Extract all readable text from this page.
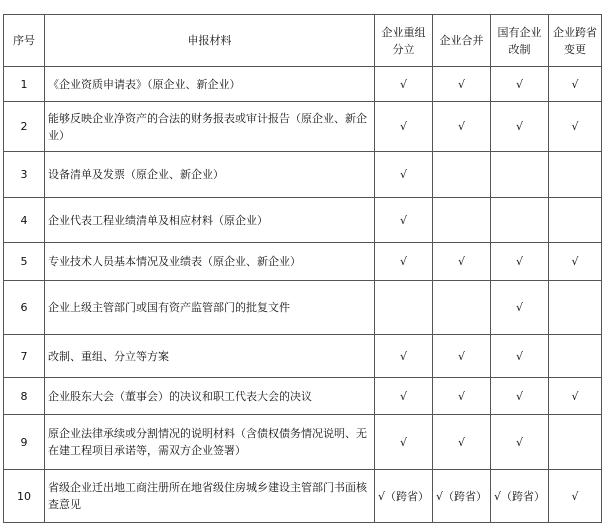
序号	申报材料	企业重组分立	企业合并	国有企业改制	企业跨省变更
1	《企业资质申请表》（原企业、新企业）	√	√	√	√
2	能够反映企业净资产的合法的财务报表或审计报告（原企业、新企业）	√	√	√	√
3	设备清单及发票（原企业、新企业）	√			
4	企业代表工程业绩清单及相应材料（原企业）	√			
5	专业技术人员基本情况及业绩表（原企业、新企业）	√	√	√	√
6	企业上级主管部门或国有资产监管部门的批复文件			√	
7	改制、重组、分立等方案	√	√	√	
8	企业股东大会（董事会）的决议和职工代表大会的决议	√	√	√	√
9	原企业法律承续或分割情况的说明材料（含债权债务情况说明、无在建工程项目承诺等，需双方企业签署）	√	√	√	
10	省级企业迁出地工商注册所在地省级住房城乡建设主管部门书面核查意见	√（跨省）	√（跨省）	√（跨省）	√
